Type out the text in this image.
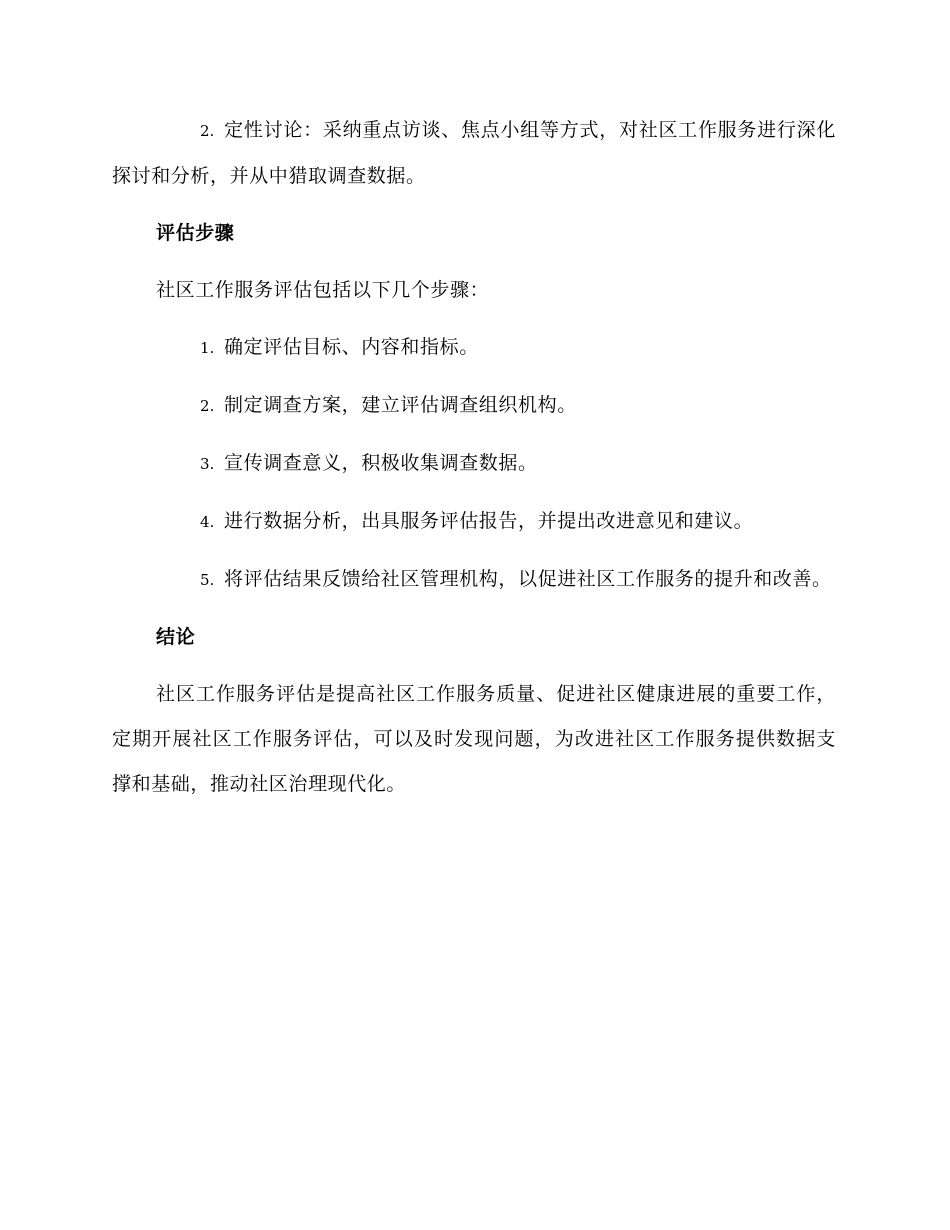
2. 定性讨论：采纳重点访谈、焦点小组等方式，对社区工作服务进行深化探讨和分析，并从中猎取调查数据。

评估步骤

社区工作服务评估包括以下几个步骤：

1. 确定评估目标、内容和指标。

2. 制定调查方案，建立评估调查组织机构。

3. 宣传调查意义，积极收集调查数据。

4. 进行数据分析，出具服务评估报告，并提出改进意见和建议。

5. 将评估结果反馈给社区管理机构，以促进社区工作服务的提升和改善。

结论

社区工作服务评估是提高社区工作服务质量、促进社区健康进展的重要工作，定期开展社区工作服务评估，可以及时发现问题，为改进社区工作服务提供数据支撑和基础，推动社区治理现代化。
